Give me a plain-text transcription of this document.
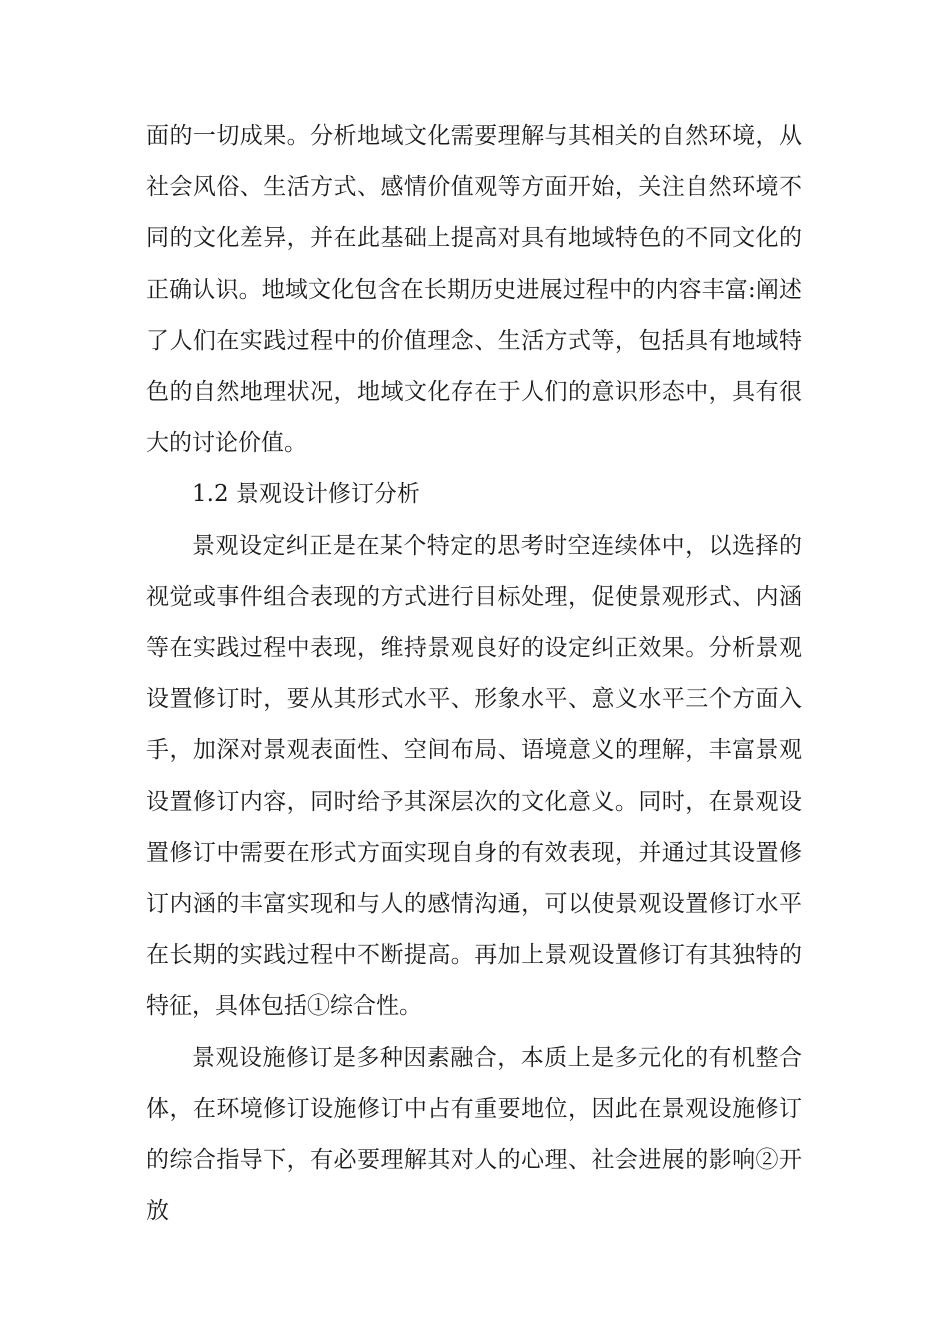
面的一切成果。分析地域文化需要理解与其相关的自然环境，从社会风俗、生活方式、感情价值观等方面开始，关注自然环境不同的文化差异，并在此基础上提高对具有地域特色的不同文化的正确认识。地域文化包含在长期历史进展过程中的内容丰富:阐述了人们在实践过程中的价值理念、生活方式等，包括具有地域特色的自然地理状况，地域文化存在于人们的意识形态中，具有很大的讨论价值。

1.2 景观设计修订分析

景观设定纠正是在某个特定的思考时空连续体中，以选择的视觉或事件组合表现的方式进行目标处理，促使景观形式、内涵等在实践过程中表现，维持景观良好的设定纠正效果。分析景观设置修订时，要从其形式水平、形象水平、意义水平三个方面入手，加深对景观表面性、空间布局、语境意义的理解，丰富景观设置修订内容，同时给予其深层次的文化意义。同时，在景观设置修订中需要在形式方面实现自身的有效表现，并通过其设置修订内涵的丰富实现和与人的感情沟通，可以使景观设置修订水平在长期的实践过程中不断提高。再加上景观设置修订有其独特的特征，具体包括①综合性。

景观设施修订是多种因素融合，本质上是多元化的有机整合体，在环境修订设施修订中占有重要地位，因此在景观设施修订的综合指导下，有必要理解其对人的心理、社会进展的影响②开放
